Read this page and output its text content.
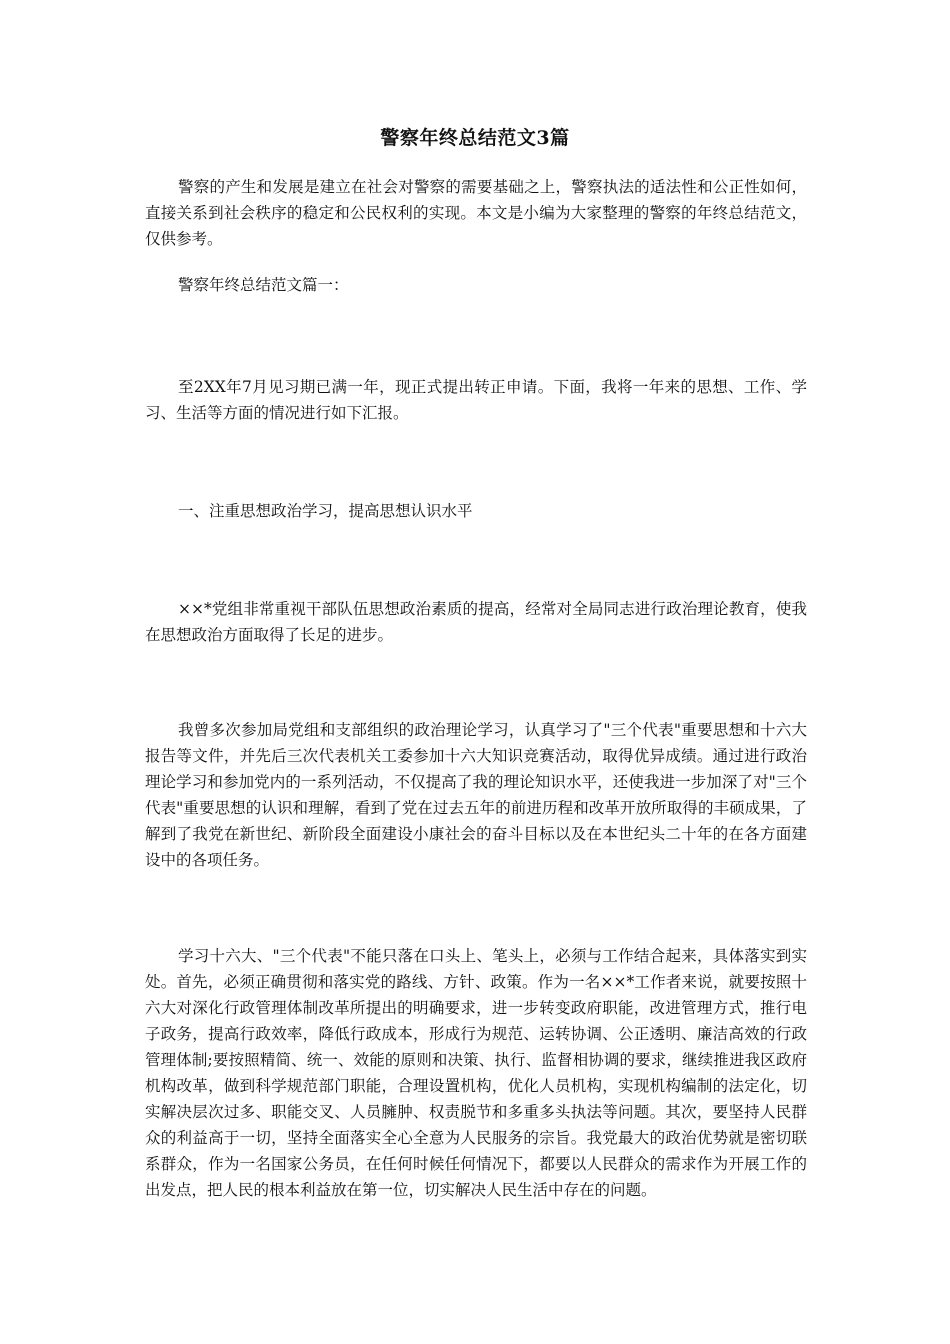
警察年终总结范文3篇

警察的产生和发展是建立在社会对警察的需要基础之上，警察执法的适法性和公正性如何，直接关系到社会秩序的稳定和公民权利的实现。本文是小编为大家整理的警察的年终总结范文，仅供参考。

警察年终总结范文篇一：

至2XX年7月见习期已满一年，现正式提出转正申请。下面，我将一年来的思想、工作、学习、生活等方面的情况进行如下汇报。

一、注重思想政治学习，提高思想认识水平

××*党组非常重视干部队伍思想政治素质的提高，经常对全局同志进行政治理论教育，使我在思想政治方面取得了长足的进步。

我曾多次参加局党组和支部组织的政治理论学习，认真学习了"三个代表"重要思想和十六大报告等文件，并先后三次代表机关工委参加十六大知识竞赛活动，取得优异成绩。通过进行政治理论学习和参加党内的一系列活动，不仅提高了我的理论知识水平，还使我进一步加深了对"三个代表"重要思想的认识和理解，看到了党在过去五年的前进历程和改革开放所取得的丰硕成果，了解到了我党在新世纪、新阶段全面建设小康社会的奋斗目标以及在本世纪头二十年的在各方面建设中的各项任务。

学习十六大、"三个代表"不能只落在口头上、笔头上，必须与工作结合起来，具体落实到实处。首先，必须正确贯彻和落实党的路线、方针、政策。作为一名××*工作者来说，就要按照十六大对深化行政管理体制改革所提出的明确要求，进一步转变政府职能，改进管理方式，推行电子政务，提高行政效率，降低行政成本，形成行为规范、运转协调、公正透明、廉洁高效的行政管理体制;要按照精简、统一、效能的原则和决策、执行、监督相协调的要求，继续推进我区政府机构改革，做到科学规范部门职能，合理设置机构，优化人员机构，实现机构编制的法定化，切实解决层次过多、职能交叉、人员臃肿、权责脱节和多重多头执法等问题。其次，要坚持人民群众的利益高于一切，坚持全面落实全心全意为人民服务的宗旨。我党最大的政治优势就是密切联系群众，作为一名国家公务员，在任何时候任何情况下，都要以人民群众的需求作为开展工作的出发点，把人民的根本利益放在第一位，切实解决人民生活中存在的问题。
